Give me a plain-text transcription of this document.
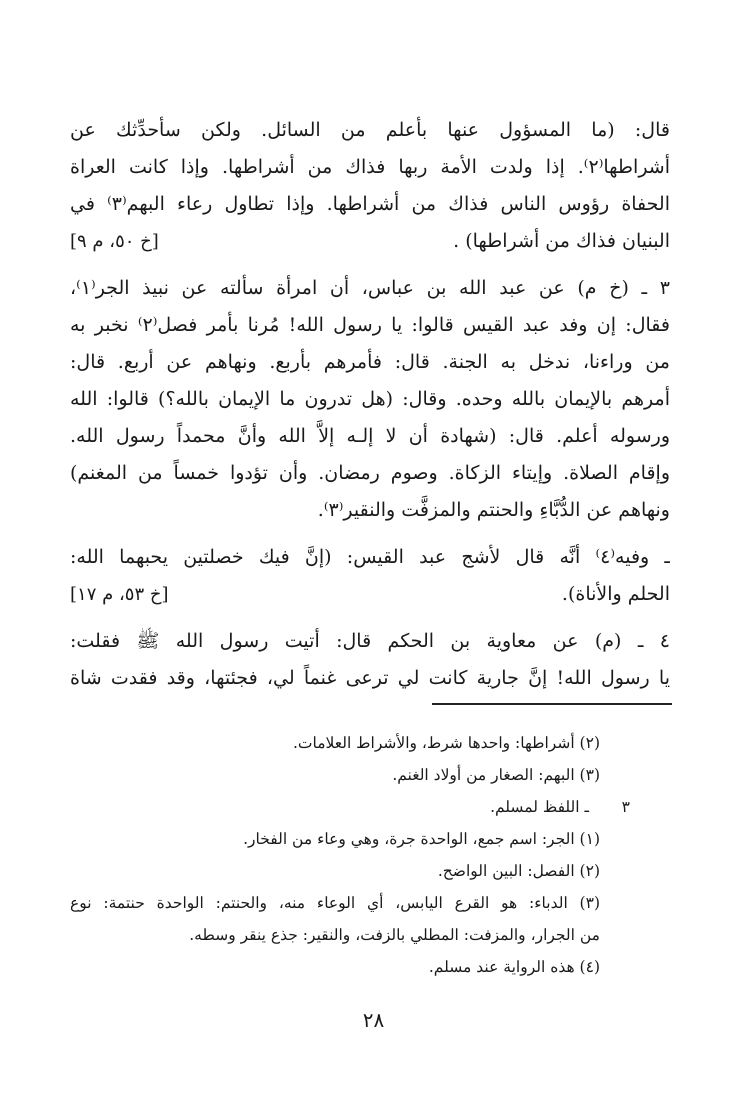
قال: (ما المسؤول عنها بأعلم من السائل. ولكن سأحدِّثك عن
أشراطها⁽٢⁾. إذا ولدت الأمة ربها فذاك من أشراطها. وإذا كانت العراة
الحفاة رؤوس الناس فذاك من أشراطها. وإذا تطاول رعاء البهم⁽٣⁾ في
البنيان فذاك من أشراطها) .
[خ ٥٠، م ٩]
٣ ـ (خ م) عن عبد الله بن عباس، أن امرأة سألته عن نبيذ الجر⁽١⁾،
فقال: إن وفد عبد القيس قالوا: يا رسول الله! مُرنا بأمر فصل⁽٢⁾ نخبر به
من وراءنا، ندخل به الجنة. قال: فأمرهم بأربع. ونهاهم عن أربع. قال:
أمرهم بالإيمان بالله وحده. وقال: (هل تدرون ما الإيمان بالله؟) قالوا: الله
ورسوله أعلم. قال: (شهادة أن لا إلـه إلاَّ الله وأنَّ محمداً رسول الله.
وإقام الصلاة. وإيتاء الزكاة. وصوم رمضان. وأن تؤدوا خمساً من المغنم)
ونهاهم عن الدُّبَّاءِ والحنتم والمزفَّت والنقير⁽٣⁾.
ـ وفيه⁽٤⁾ أنَّه قال لأشج عبد القيس: (إنَّ فيك خصلتين يحبهما الله:
الحلم والأناة).
[خ ٥٣، م ١٧]
٤ ـ (م) عن معاوية بن الحكم قال: أتيت رسول الله ﷺ فقلت:
يا رسول الله! إنَّ جارية كانت لي ترعى غنماً لي، فجئتها، وقد فقدت شاة
(٢) أشراطها: واحدها شرط، والأشراط العلامات.
(٣) البهم: الصغار من أولاد الغنم.
٣ ـ اللفظ لمسلم.
(١) الجر: اسم جمع، الواحدة جرة، وهي وعاء من الفخار.
(٢) الفصل: البين الواضح.
(٣) الدباء: هو القرع اليابس، أي الوعاء منه، والحنتم: الواحدة حنتمة: نوع
من الجرار، والمزفت: المطلي بالزفت، والنقير: جذع ينقر وسطه.
(٤) هذه الرواية عند مسلم.
٢٨
